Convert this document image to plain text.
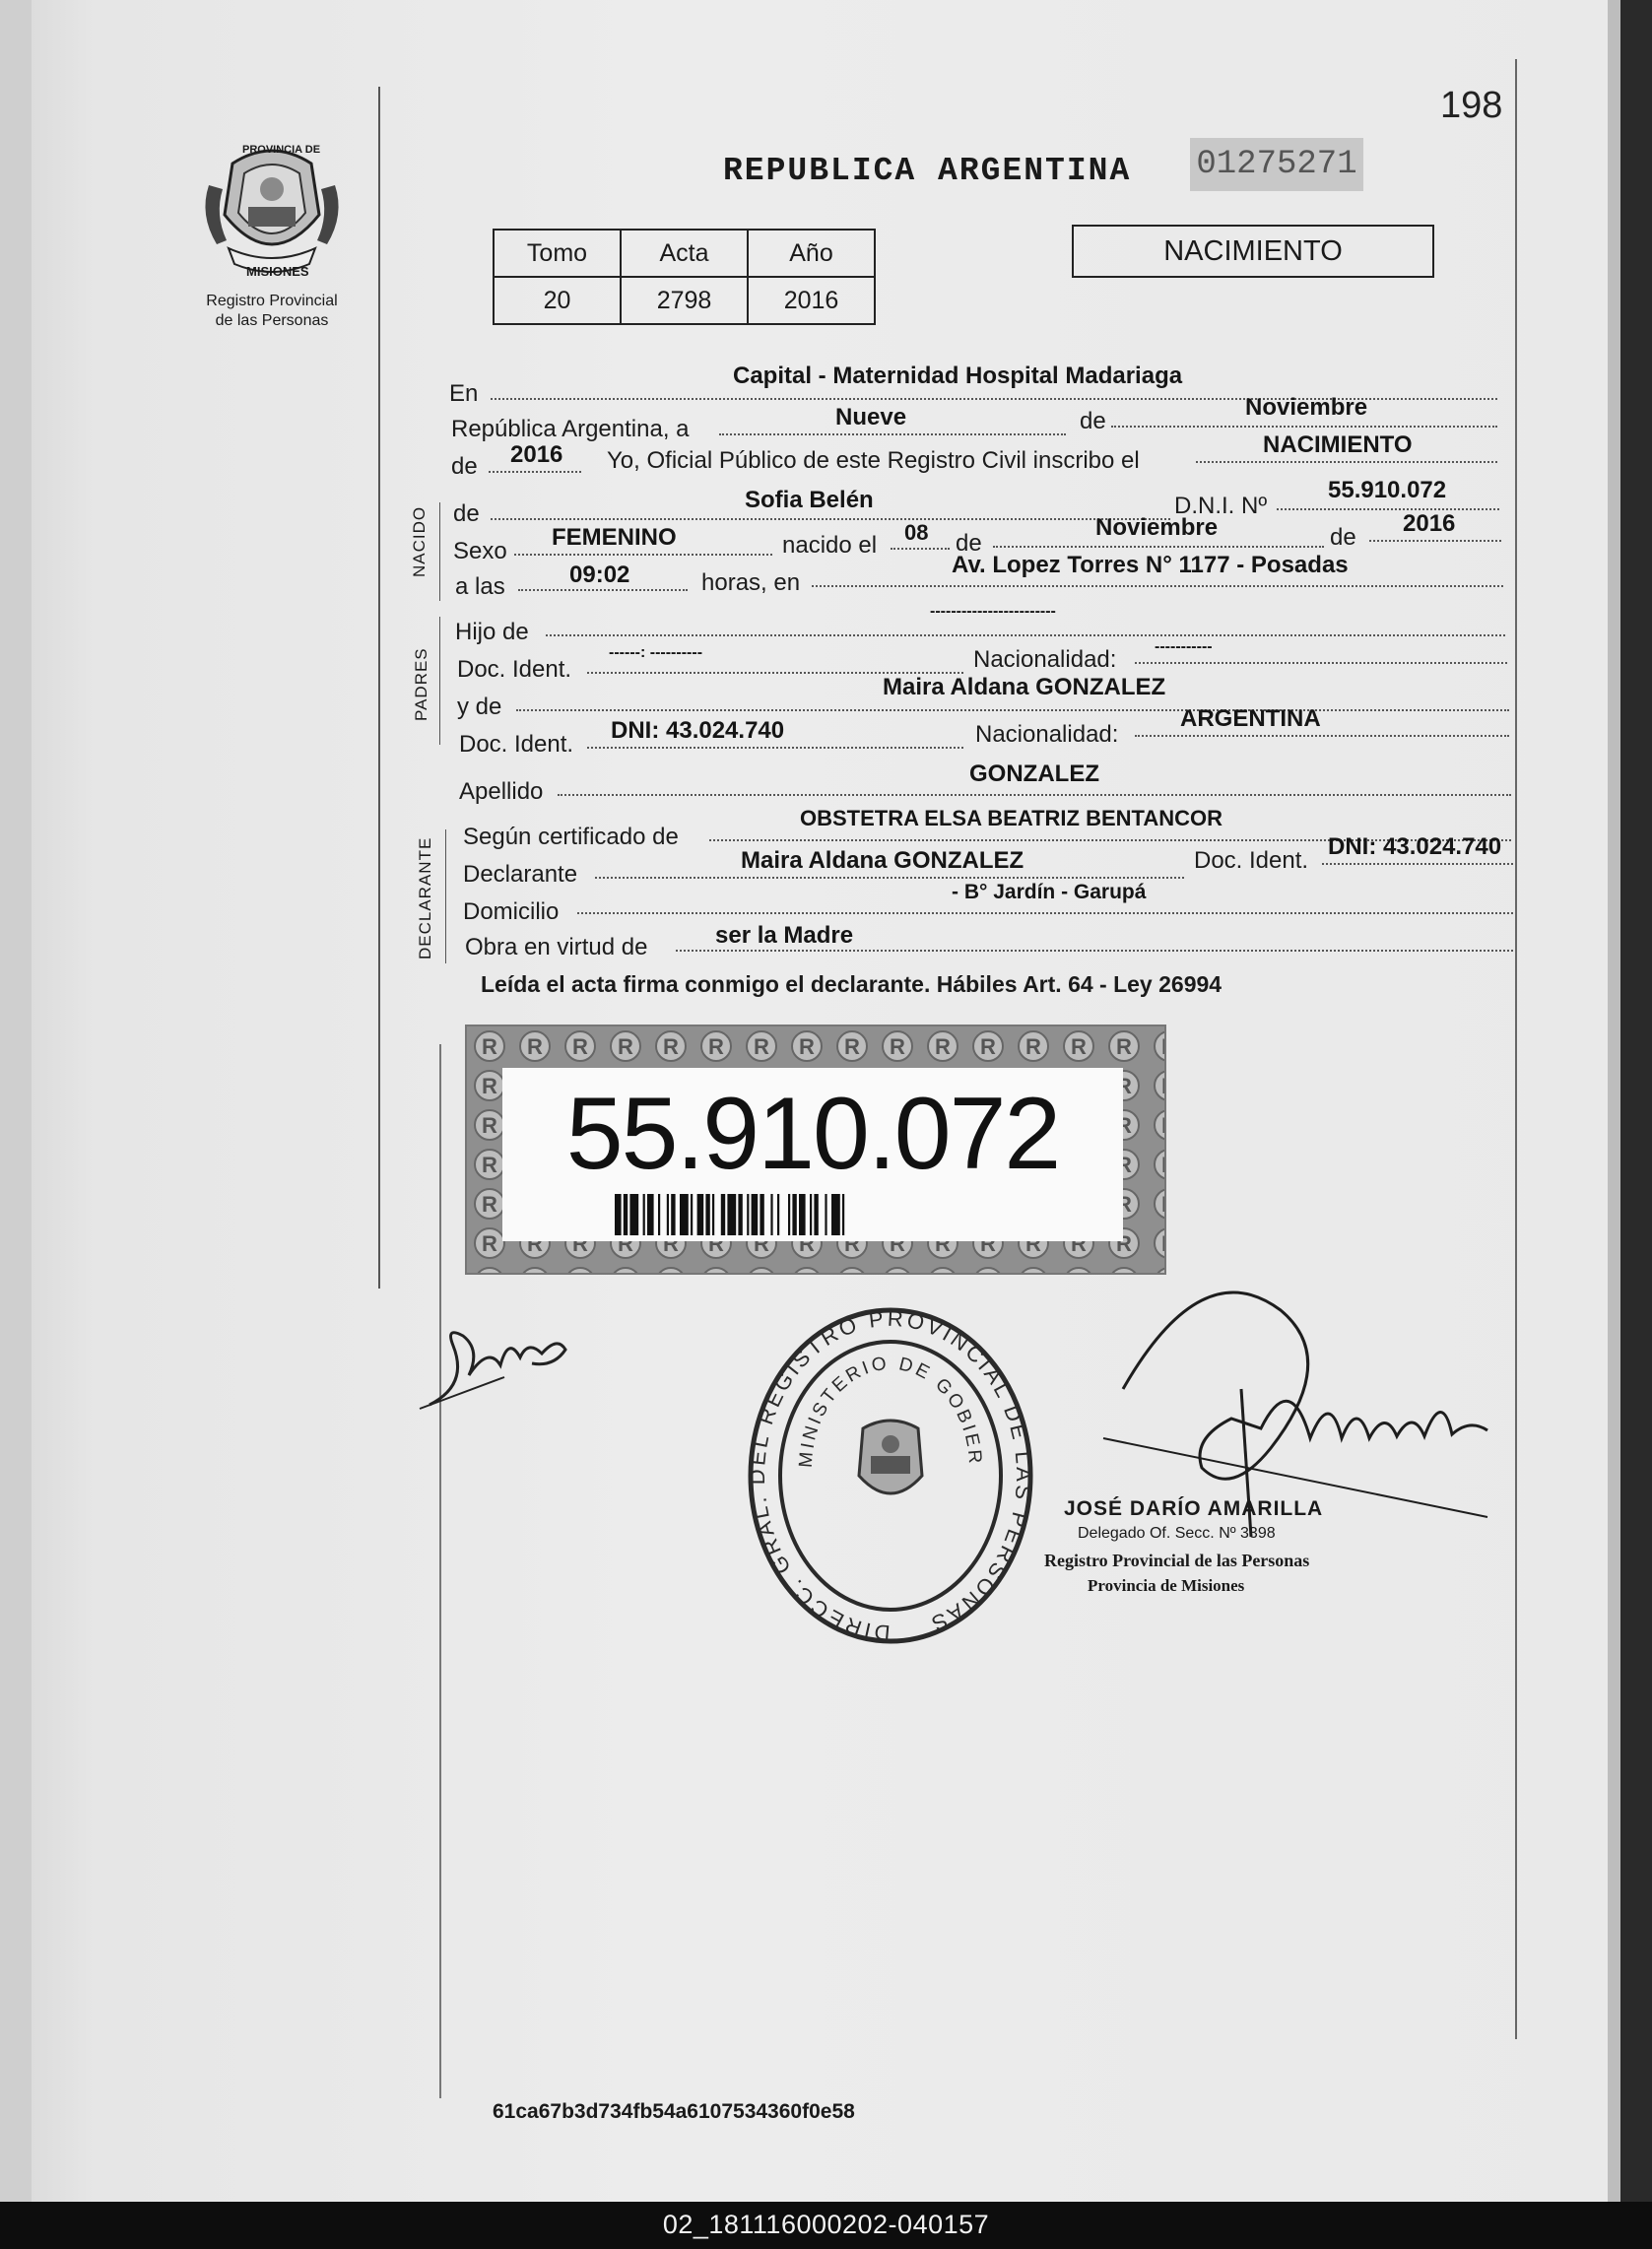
198
PROVINCIA DE
MISIONES
Registro Provincial
de las Personas
REPUBLICA ARGENTINA 01275271
Tomo	Acta	Año
20	2798	2016
NACIMIENTO
En
Capital - Maternidad Hospital Madariaga
República Argentina, a	Nueve	de
Noviembre
de 2016 Yo, Oficial Público de este Registro Civil inscribo el
NACIMIENTO
NACIDO de
Sofia Belén	D.N.I. Nº
55.910.072
Sexo
FEMENINO	nacido el 08 de
Noviembre	de
2016
a las	09:02	horas, en
Av. Lopez Torres N° 1177 - Posadas
PADRES
Hijo de
------------------------
Doc. Ident.
------: ----------	Nacionalidad: -----------
y de
Maira Aldana GONZALEZ
Doc. Ident.
DNI: 43.024.740	Nacionalidad:
ARGENTINA
Apellido
GONZALEZ
DECLARANTE
Según certificado de
OBSTETRA ELSA BEATRIZ BENTANCOR
Declarante
Maira Aldana GONZALEZ	Doc. Ident.
DNI: 43.024.740
Domicilio
- B° Jardín - Garupá
Obra en virtud de	ser la Madre
Leída el acta firma conmigo el declarante. Hábiles Art. 64 - Ley 26994
55.910.072
DIRECC. GRAL. DEL REGISTRO PROVINCIAL DE LAS PERSONAS
MINISTERIO DE GOBIER
JOSÉ DARÍO AMARILLA
Delegado Of. Secc. Nº 3398
Registro Provincial de las Personas
Provincia de Misiones
61ca67b3d734fb54a6107534360f0e58
02_181116000202-040157
